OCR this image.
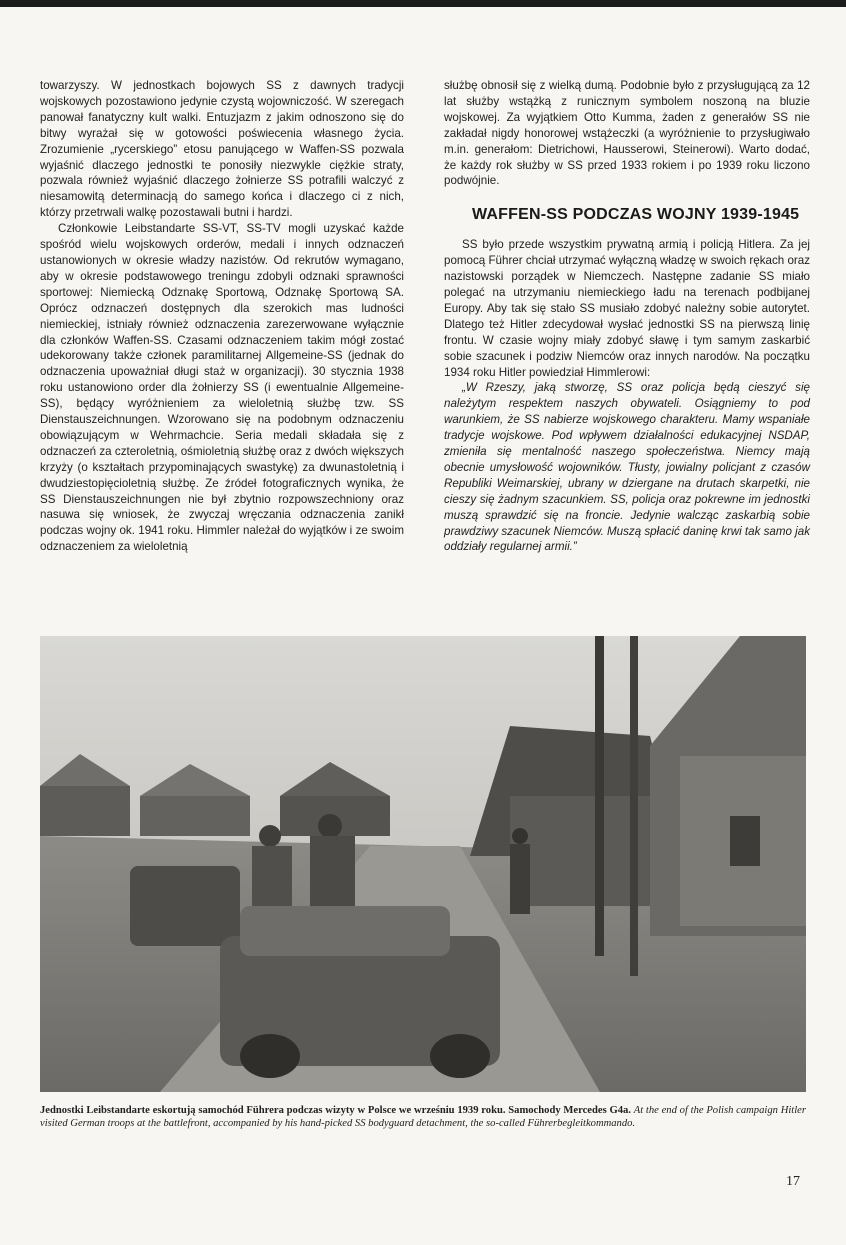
towarzyszy. W jednostkach bojowych SS z dawnych tradycji wojskowych pozostawiono jedynie czystą wojowniczość. W szeregach panował fanatyczny kult walki. Entuzjazm z jakim odnoszono się do bitwy wyrażał się w gotowości poświecenia własnego życia. Zrozumienie „rycerskiego” etosu panującego w Waffen-SS pozwala wyjaśnić dlaczego jednostki te ponosiły niezwykle ciężkie straty, pozwala również wyjaśnić dlaczego żołnierze SS potrafili walczyć z niesamowitą determinacją do samego końca i dlaczego ci z nich, którzy przetrwali walkę pozostawali butni i hardzi.

Członkowie Leibstandarte SS-VT, SS-TV mogli uzyskać każde spośród wielu wojskowych orderów, medali i innych odznaczeń ustanowionych w okresie władzy nazistów. Od rekrutów wymagano, aby w okresie podstawowego treningu zdobyli odznaki sprawności sportowej: Niemiecką Odznakę Sportową, Odznakę Sportową SA. Oprócz odznaczeń dostępnych dla szerokich mas ludności niemieckiej, istniały również odznaczenia zarezerwowane wyłącznie dla członków Waffen-SS. Czasami odznaczeniem takim mógł zostać udekorowany także członek paramilitarnej Allgemeine-SS (jednak do odznaczenia upoważniał długi staż w organizacji). 30 stycznia 1938 roku ustanowiono order dla żołnierzy SS (i ewentualnie Allgemeine-SS), będący wyróżnieniem za wieloletnią służbę tzw. SS Dienstauszeichnungen. Wzorowano się na podobnym odznaczeniu obowiązującym w Wehrmachcie. Seria medali składała się z odznaczeń za czteroletnią, ośmioletnią służbę oraz z dwóch większych krzyży (o kształtach przypominających swastykę) za dwunastoletnią i dwudziestopięcioletnią służbę. Ze źródeł fotograficznych wynika, że SS Dienstauszeichnungen nie był zbytnio rozpowszechniony oraz nasuwa się wniosek, że zwyczaj wręczania odznaczenia zanikł podczas wojny ok. 1941 roku. Himmler należał do wyjątków i ze swoim odznaczeniem za wieloletnią

służbę obnosił się z wielką dumą. Podobnie było z przysługującą za 12 lat służby wstążką z runicznym symbolem noszoną na bluzie wojskowej. Za wyjątkiem Otto Kumma, żaden z generałów SS nie zakładał nigdy honorowej wstążeczki (a wyróżnienie to przysługiwało m.in. generałom: Dietrichowi, Hausserowi, Steinerowi). Warto dodać, że każdy rok służby w SS przed 1933 rokiem i po 1939 roku liczono podwójnie.

WAFFEN-SS PODCZAS WOJNY 1939-1945

SS było przede wszystkim prywatną armią i policją Hitlera. Za jej pomocą Führer chciał utrzymać wyłączną władzę w swoich rękach oraz nazistowski porządek w Niemczech. Następne zadanie SS miało polegać na utrzymaniu niemieckiego ładu na terenach podbijanej Europy. Aby tak się stało SS musiało zdobyć należny sobie autorytet. Dlatego też Hitler zdecydował wysłać jednostki SS na pierwszą linię frontu. W czasie wojny miały zdobyć sławę i tym samym zaskarbić sobie szacunek i podziw Niemców oraz innych narodów. Na początku 1934 roku Hitler powiedział Himmlerowi:

„W Rzeszy, jaką stworzę, SS oraz policja będą cieszyć się należytym respektem naszych obywateli. Osiągniemy to pod warunkiem, że SS nabierze wojskowego charakteru. Mamy wspaniałe tradycje wojskowe. Pod wpływem działalności edukacyjnej NSDAP, zmieniła się mentalność naszego społeczeństwa. Niemcy mają obecnie umysłowość wojowników. Tłusty, jowialny policjant z czasów Republiki Weimarskiej, ubrany w dziergane na drutach skarpetki, nie cieszy się żadnym szacunkiem. SS, policja oraz pokrewne im jednostki muszą sprawdzić się na froncie. Jedynie walcząc zaskarbią sobie prawdziwy szacunek Niemców. Muszą spłacić daninę krwi tak samo jak oddziały regularnej armii.”

Jednostki Leibstandarte eskortują samochód Führera podczas wizyty w Polsce we wrześniu 1939 roku. Samochody Mercedes G4a. At the end of the Polish campaign Hitler visited German troops at the battlefront, accompanied by his hand-picked SS bodyguard detachment, the so-called Führerbegleitkommando.
17
